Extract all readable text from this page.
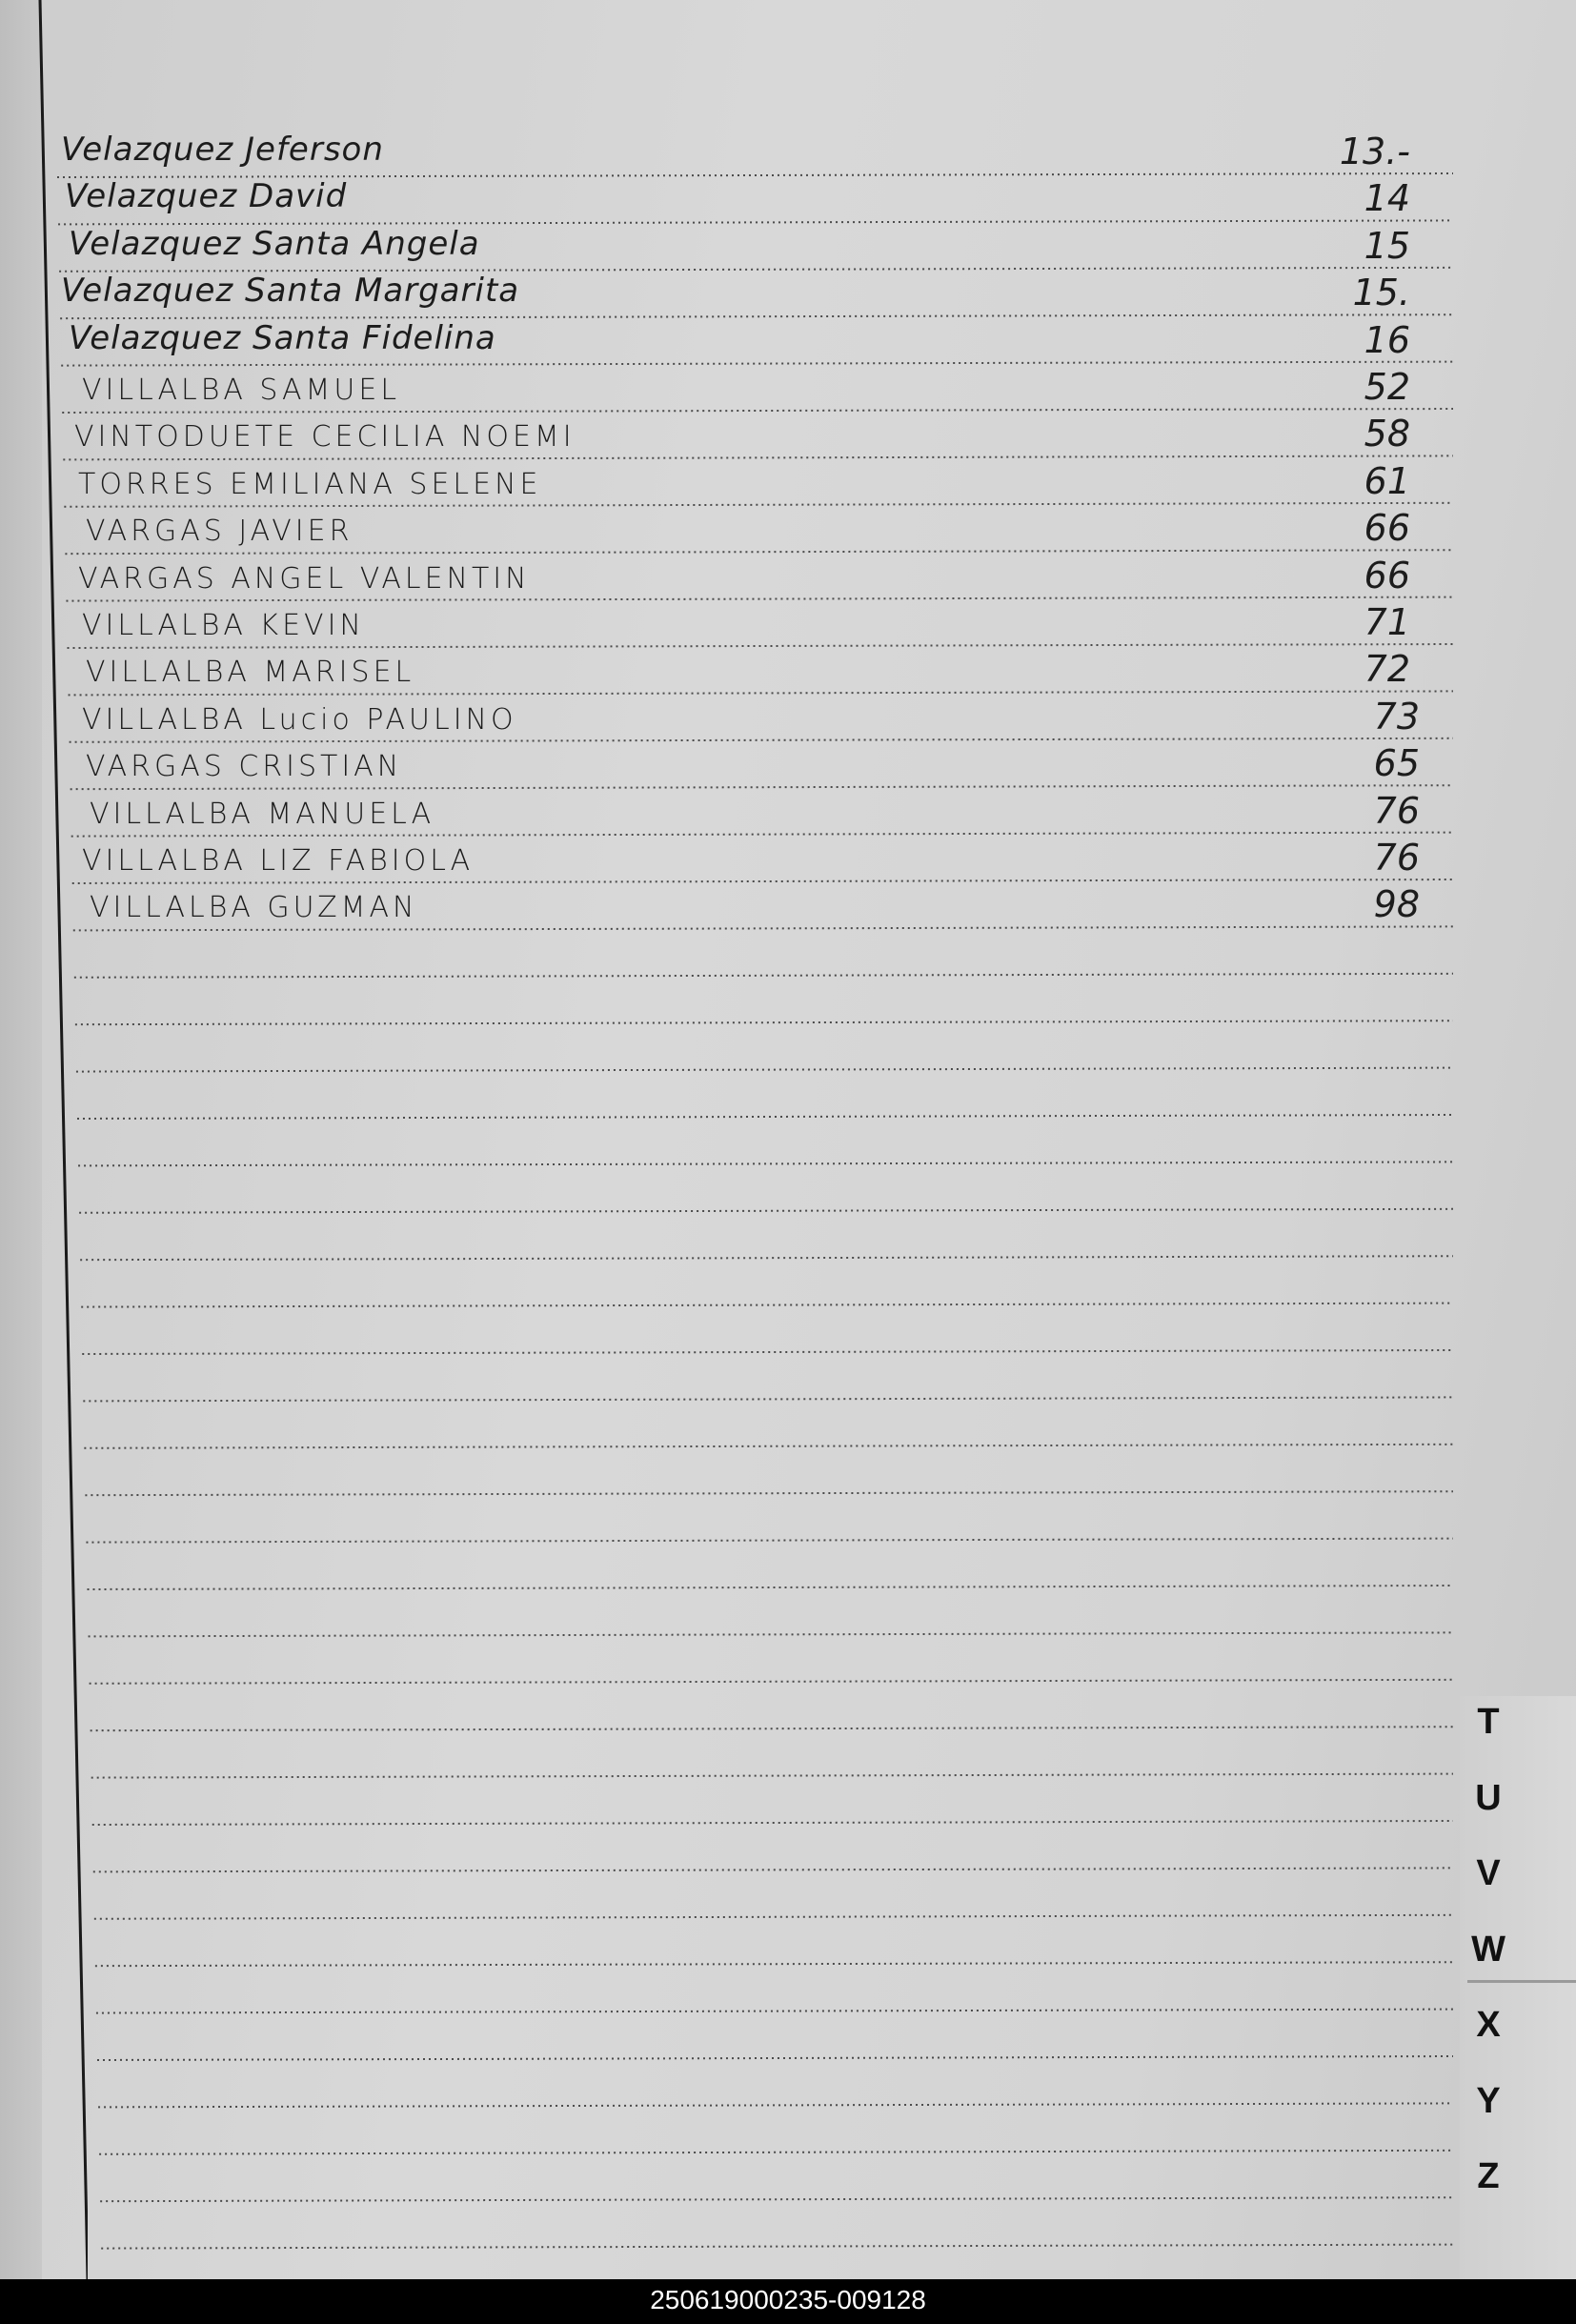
Velazquez Jeferson	13.-
Velazquez David	14
Velazquez Santa Angela	15
Velazquez Santa Margarita	15.
Velazquez Santa Fidelina	16
VILLALBA SAMUEL	52
VINTODUETE CECILIA NOEMI	58
TORRES EMILIANA SELENE	61
VARGAS JAVIER	66
VARGAS ANGEL VALENTIN	66
VILLALBA KEVIN	71
VILLALBA MARISEL	72
VILLALBA Lucio PAULINO	73
VARGAS CRISTIAN	65
VILLALBA MANUELA	76
VILLALBA LIZ FABIOLA	76
VILLALBA GUZMAN	98
T
U
V
W
X
Y
Z
250619000235-009128
